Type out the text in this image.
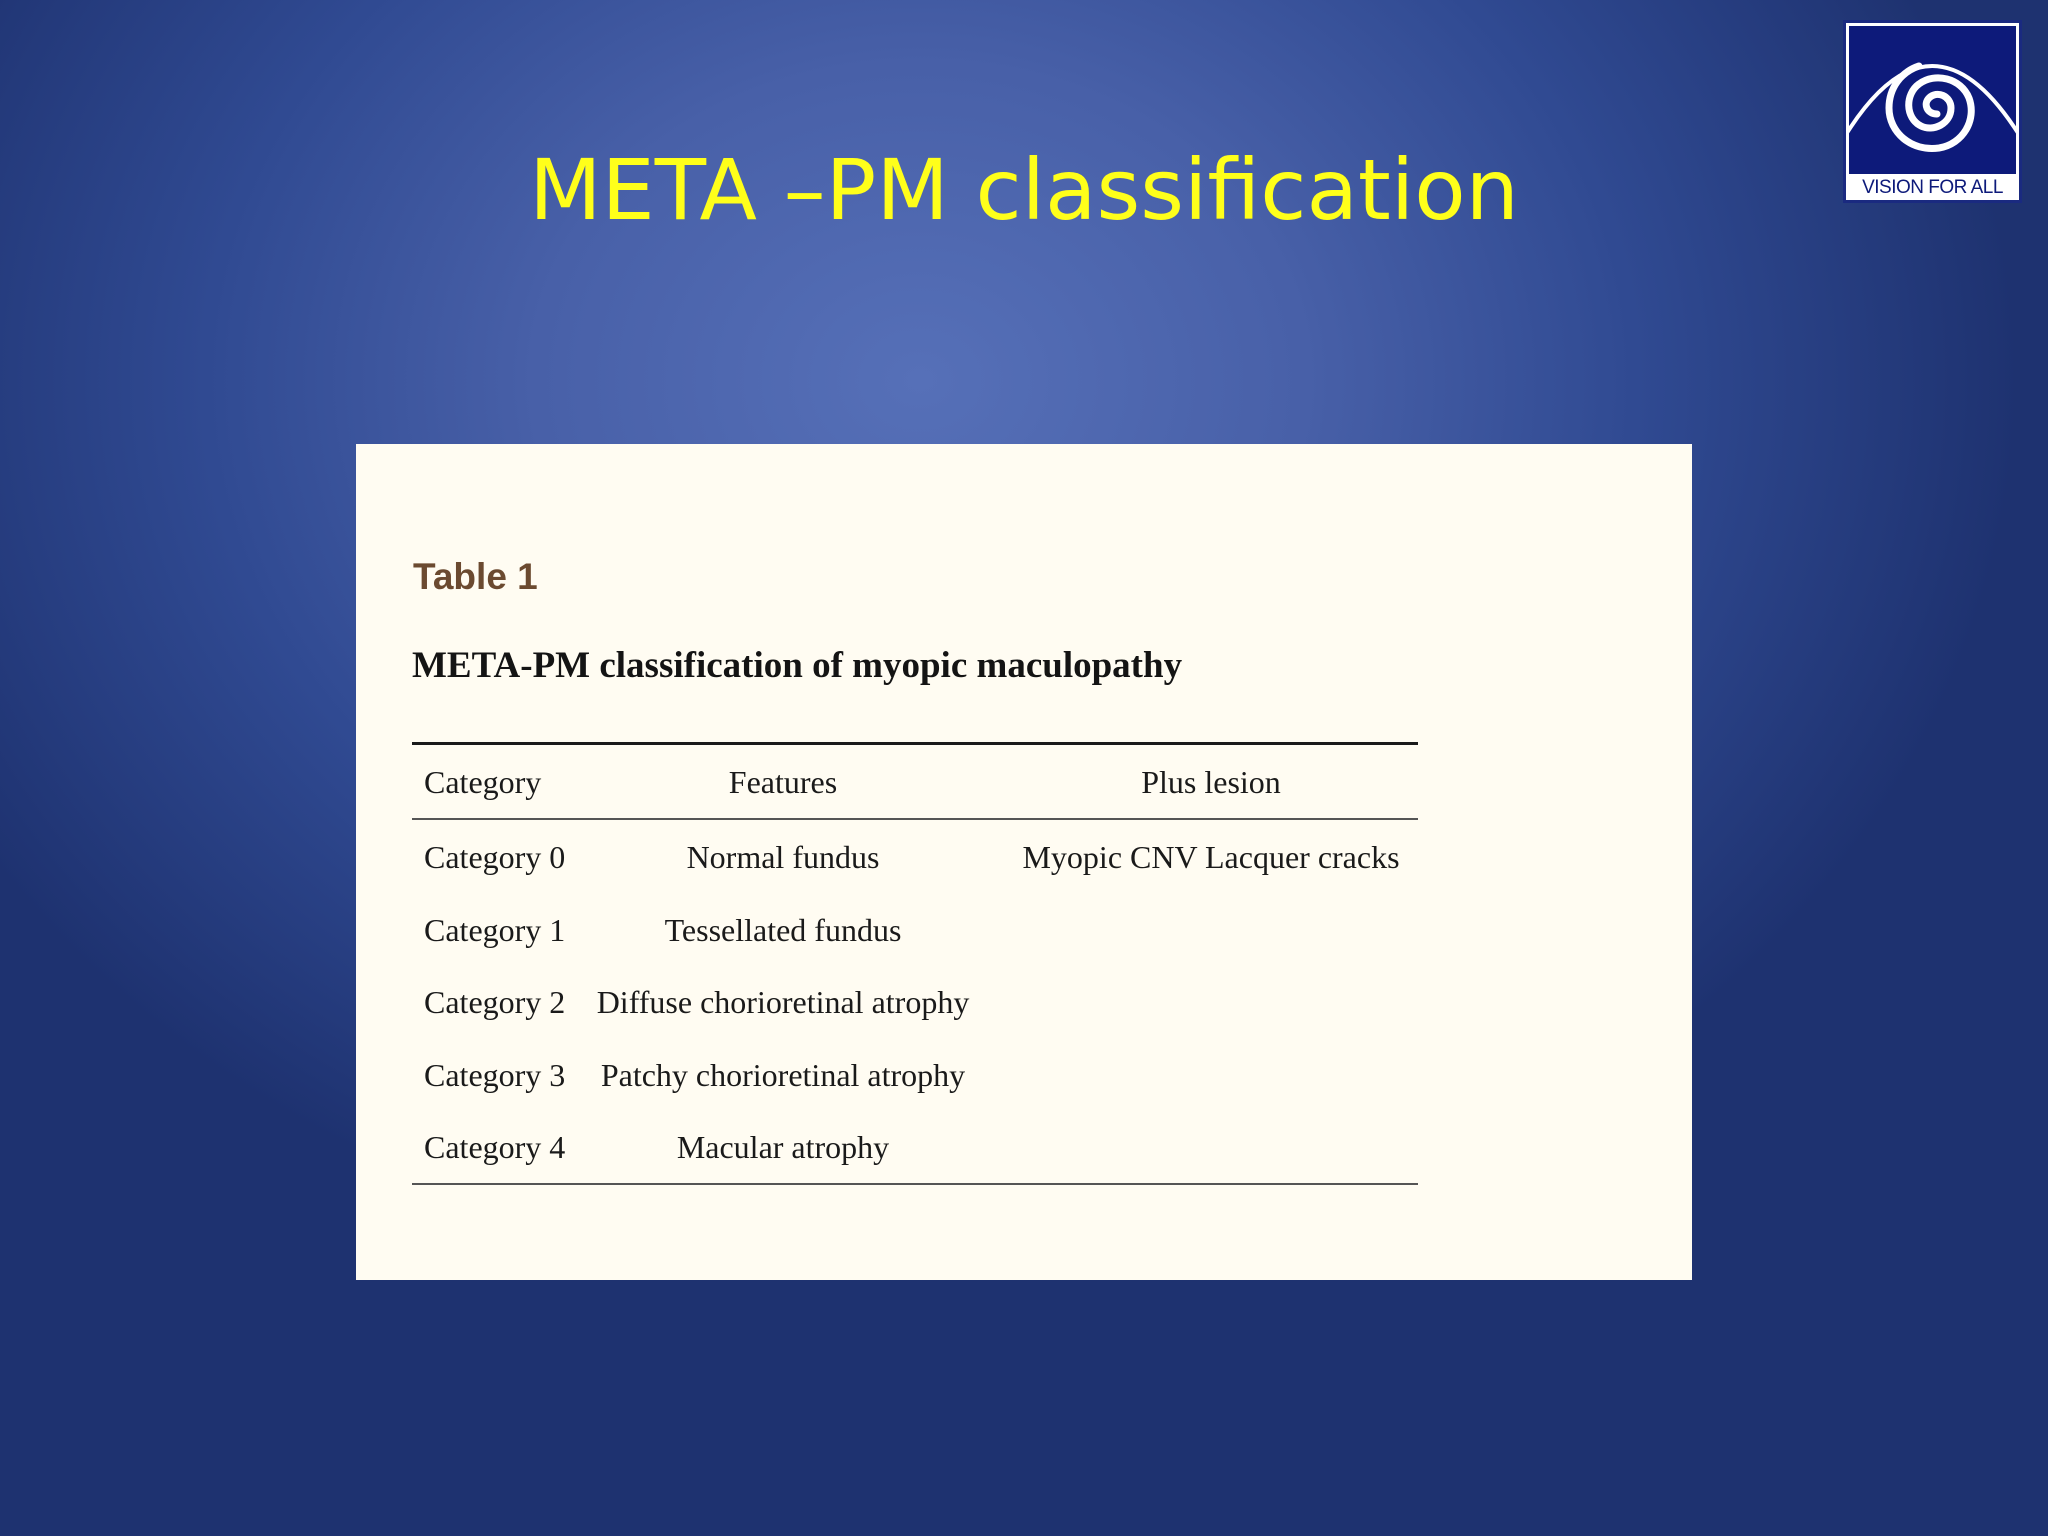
META –PM classification	VISION FOR ALL
Table 1
META-PM classification of myopic maculopathy
Category	Features	Plus lesion
Category 0	Normal fundus	Myopic CNV Lacquer cracks
Category 1	Tessellated fundus
Category 2 Diffuse chorioretinal atrophy
Category 3	Patchy chorioretinal atrophy
Category 4	Macular atrophy
